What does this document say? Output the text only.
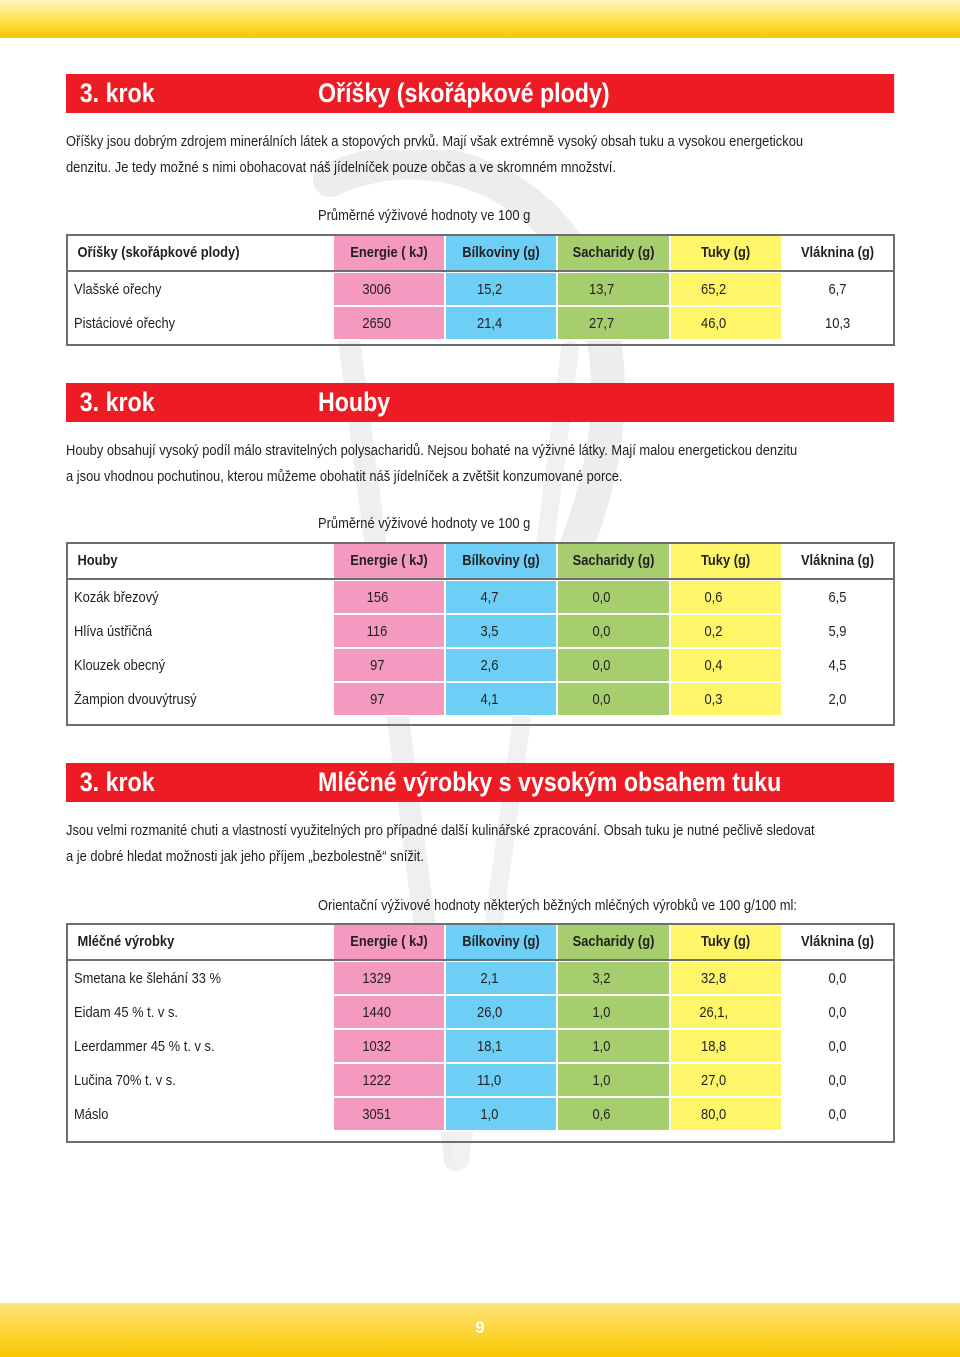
3. krok	Oříšky (skořápkové plody)
Oříšky jsou dobrým zdrojem minerálních látek a stopových prvků. Mají však extrémně vysoký obsah tuku a vysokou energetickou
denzitu. Je tedy možné s nimi obohacovat náš jídelníček pouze občas a ve skromném množství.
Průměrné výživové hodnoty ve 100 g
Oříšky (skořápkové plody)	Energie ( kJ)	Bílkoviny (g)	Sacharidy (g)	Tuky (g)	Vláknina (g)
Vlašské ořechy	3006	15,2	13,7	65,2	6,7
Pistáciové ořechy	2650	21,4	27,7	46,0	10,3
3. krok	Houby
Houby obsahují vysoký podíl málo stravitelných polysacharidů. Nejsou bohaté na výživné látky. Mají malou energetickou denzitu
a jsou vhodnou pochutinou, kterou můžeme obohatit náš jídelníček a zvětšit konzumované porce.
Průměrné výživové hodnoty ve 100 g
Houby	Energie ( kJ)	Bílkoviny (g)	Sacharidy (g)	Tuky (g)	Vláknina (g)
Kozák březový	156	4,7	0,0	0,6	6,5
Hlíva ústřičná	116	3,5	0,0	0,2	5,9
Klouzek obecný	97	2,6	0,0	0,4	4,5
Žampion dvouvýtrusý	97	4,1	0,0	0,3	2,0
3. krok	Mléčné výrobky s vysokým obsahem tuku
Jsou velmi rozmanité chuti a vlastností využitelných pro případné další kulinářské zpracování. Obsah tuku je nutné pečlivě sledovat
a je dobré hledat možnosti jak jeho příjem „bezbolestně“ snížit.
Orientační výživové hodnoty některých běžných mléčných výrobků ve 100 g/100 ml:
Mléčné výrobky	Energie ( kJ)	Bílkoviny (g)	Sacharidy (g)	Tuky (g)	Vláknina (g)
Smetana ke šlehání 33 %	1329	2,1	3,2	32,8	0,0
Eidam 45 % t. v s.	1440	26,0	1,0	26,1,	0,0
Leerdammer 45 % t. v s.	1032	18,1	1,0	18,8	0,0
Lučina 70% t. v s.	1222	11,0	1,0	27,0	0,0
Máslo	3051	1,0	0,6	80,0	0,0
9
